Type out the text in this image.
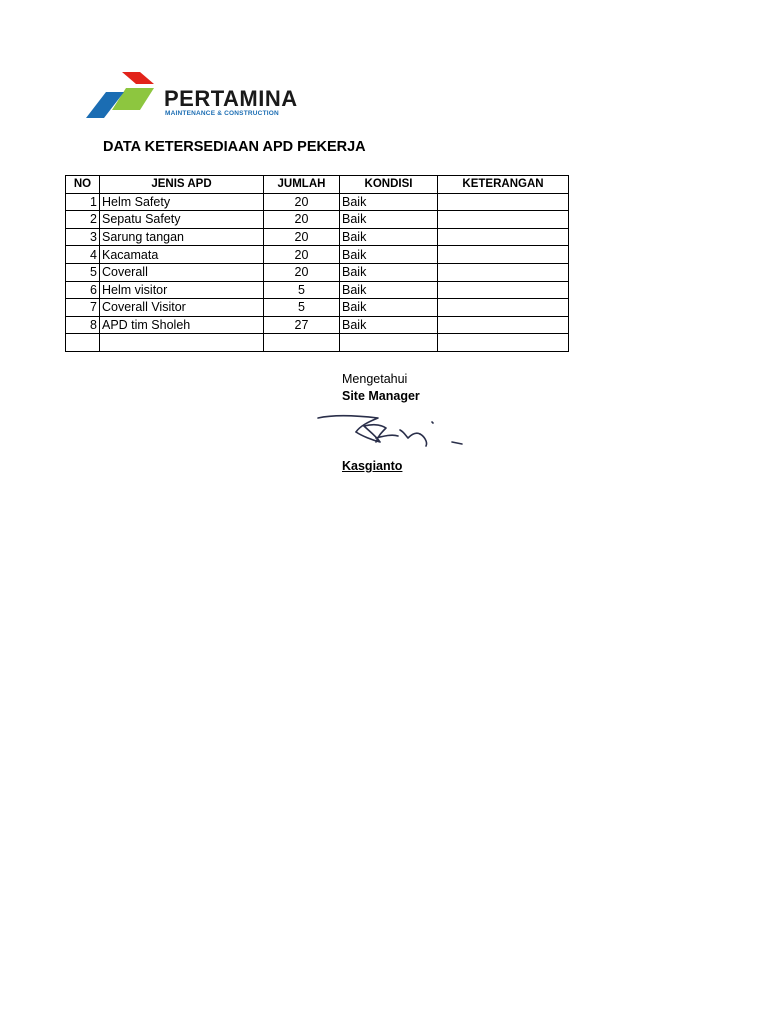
PERTAMINA
MAINTENANCE & CONSTRUCTION
DATA KETERSEDIAAN APD PEKERJA
NO	JENIS APD	JUMLAH	KONDISI	KETERANGAN
1	Helm Safety	20	Baik	
2	Sepatu Safety	20	Baik	
3	Sarung tangan	20	Baik	
4	Kacamata	20	Baik	
5	Coverall	20	Baik	
6	Helm visitor	5	Baik	
7	Coverall Visitor	5	Baik	
8	APD tim Sholeh	27	Baik	

Mengetahui
Site Manager
Kasgianto
